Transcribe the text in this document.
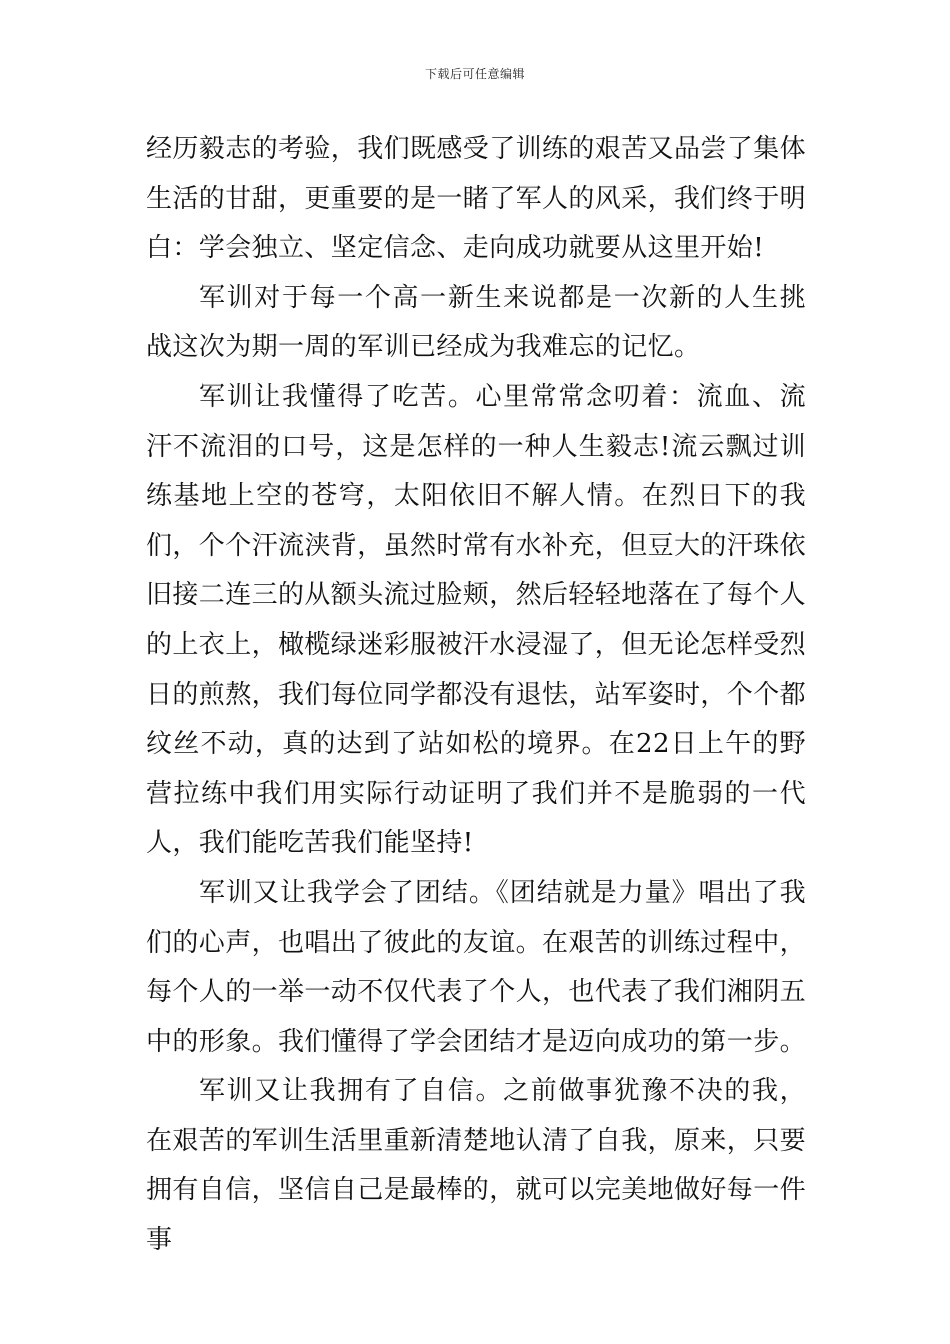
下载后可任意编辑

经历毅志的考验，我们既感受了训练的艰苦又品尝了集体生活的甘甜，更重要的是一睹了军人的风采，我们终于明白：学会独立、坚定信念、走向成功就要从这里开始!

军训对于每一个高一新生来说都是一次新的人生挑战这次为期一周的军训已经成为我难忘的记忆。

军训让我懂得了吃苦。心里常常念叨着：流血、流汗不流泪的口号，这是怎样的一种人生毅志!流云飘过训练基地上空的苍穹，太阳依旧不解人情。在烈日下的我们，个个汗流浃背，虽然时常有水补充，但豆大的汗珠依旧接二连三的从额头流过脸颊，然后轻轻地落在了每个人的上衣上，橄榄绿迷彩服被汗水浸湿了，但无论怎样受烈日的煎熬，我们每位同学都没有退怯，站军姿时，个个都纹丝不动，真的达到了站如松的境界。在22日上午的野营拉练中我们用实际行动证明了我们并不是脆弱的一代人，我们能吃苦我们能坚持!

军训又让我学会了团结。《团结就是力量》唱出了我们的心声，也唱出了彼此的友谊。在艰苦的训练过程中，每个人的一举一动不仅代表了个人，也代表了我们湘阴五中的形象。我们懂得了学会团结才是迈向成功的第一步。

军训又让我拥有了自信。之前做事犹豫不决的我，在艰苦的军训生活里重新清楚地认清了自我，原来，只要拥有自信，坚信自己是最棒的，就可以完美地做好每一件事
